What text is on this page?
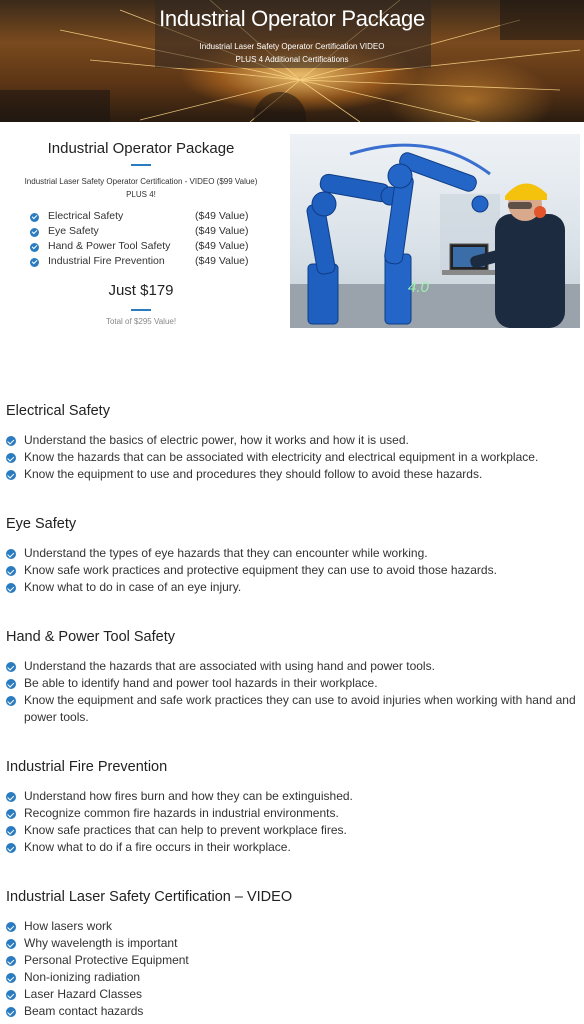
Industrial Operator Package
Industrial Laser Safety Operator Certification VIDEO
PLUS 4 Additional Certifications
Industrial Operator Package
Industrial Laser Safety Operator Certification - VIDEO ($99 Value)
PLUS 4!
Electrical Safety	($49 Value)
Eye Safety	($49 Value)
Hand & Power Tool Safety ($49 Value)
Industrial Fire Prevention	($49 Value)
Just $179
Total of $295 Value!
4.0
Electrical Safety
Understand the basics of electric power, how it works and how it is used.
Know the hazards that can be associated with electricity and electrical equipment in a workplace.
Know the equipment to use and procedures they should follow to avoid these hazards.
Eye Safety
Understand the types of eye hazards that they can encounter while working.
Know safe work practices and protective equipment they can use to avoid those hazards.
Know what to do in case of an eye injury.
Hand & Power Tool Safety
Understand the hazards that are associated with using hand and power tools.
Be able to identify hand and power tool hazards in their workplace.
Know the equipment and safe work practices they can use to avoid injuries when working with hand and power tools.
Industrial Fire Prevention
Understand how fires burn and how they can be extinguished.
Recognize common fire hazards in industrial environments.
Know safe practices that can help to prevent workplace fires.
Know what to do if a fire occurs in their workplace.
Industrial Laser Safety Certification – VIDEO
How lasers work
Why wavelength is important
Personal Protective Equipment
Non-ionizing radiation
Laser Hazard Classes
Beam contact hazards
